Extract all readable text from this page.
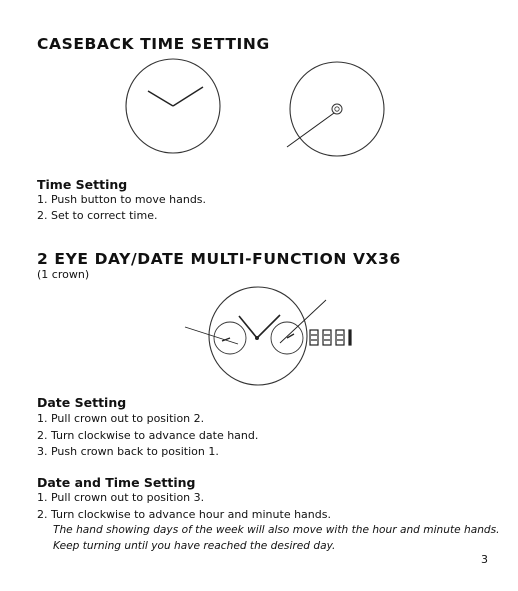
CASEBACK TIME SETTING
Time Setting
1. Push button to move hands.
2. Set to correct time.
2 EYE DAY/DATE MULTI-FUNCTION VX36
(1 crown)
Date Setting
1. Pull crown out to position 2.
2. Turn clockwise to advance date hand.
3. Push crown back to position 1.
Date and Time Setting
1. Pull crown out to position 3.
2. Turn clockwise to advance hour and minute hands.
The hand showing days of the week will also move with the hour and minute hands.
Keep turning until you have reached the desired day.
3
